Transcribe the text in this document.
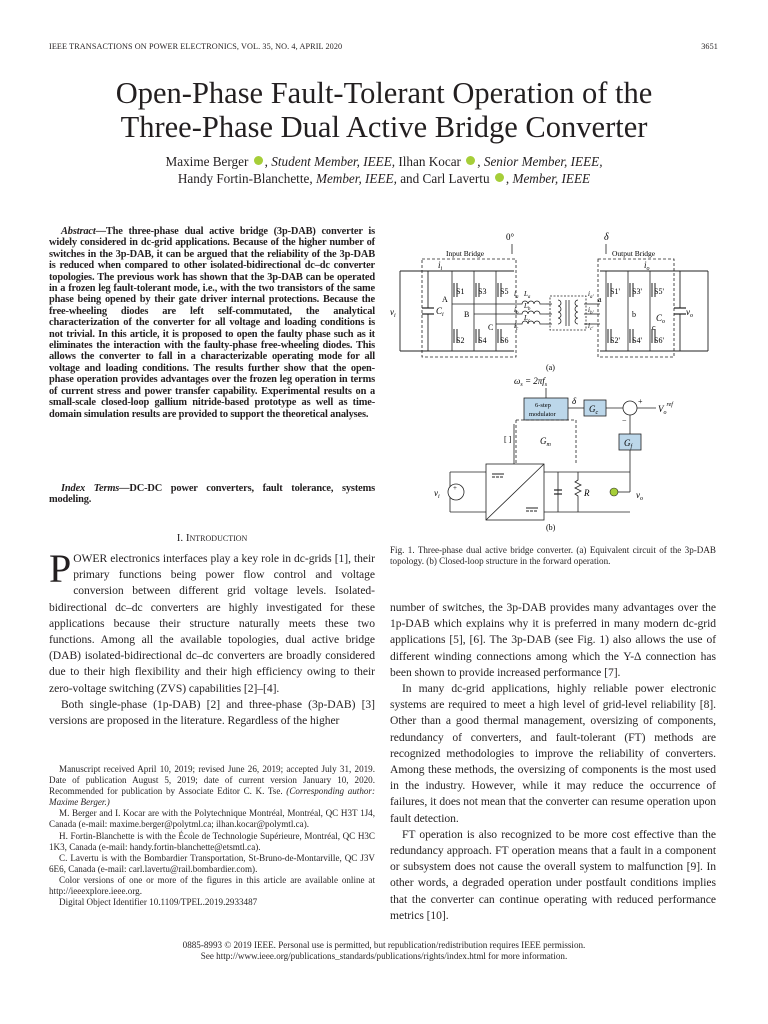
IEEE TRANSACTIONS ON POWER ELECTRONICS, VOL. 35, NO. 4, APRIL 2020	3651
Open-Phase Fault-Tolerant Operation of the
Three-Phase Dual Active Bridge Converter
Maxime Berger , Student Member, IEEE, Ilhan Kocar , Senior Member, IEEE,
Handy Fortin-Blanchette, Member, IEEE, and Carl Lavertu , Member, IEEE
Abstract—The three-phase dual active bridge (3p-DAB) converter is widely considered in dc-grid applications. Because of the higher number of switches in the 3p-DAB, it can be argued that the reliability of the 3p-DAB is reduced when compared to other isolated-bidirectional dc–dc converter topologies. The previous work has shown that the 3p-DAB can be operated in a frozen leg fault-tolerant mode, i.e., with the two transistors of the same phase being opened by their gate driver internal protections. Because the free-wheeling diodes are left self-commutated, the analytical characterization of the converter for all voltage and loading conditions is not trivial. In this article, it is proposed to open the faulty phase such as it eliminates the interaction with the faulty-phase free-wheeling diodes. This allows the converter to fall in a characterizable operating mode for all voltage and loading conditions. The results further show that the open-phase operation provides advantages over the frozen leg operation in terms of current stress and power transfer capability. Experimental results on a small-scale closed-loop gallium nitride-based prototype as well as time-domain simulation results are provided to support the theoretical analyses.
Index Terms—DC-DC power converters, fault tolerance, systems modeling.
I. Introduction

POWER electronics interfaces play a key role in dc-grids [1], their primary functions being power flow control and voltage conversion between different grid voltage levels. Isolated-bidirectional dc–dc converters are highly investigated for these applications because their structure naturally meets these two functions. Among all the available topologies, dual active bridge (DAB) isolated-bidirectional dc–dc converters are broadly considered due to their high flexibility and their high efficiency owing to their zero-voltage switching (ZVS) capabilities [2]–[4].

Both single-phase (1p-DAB) [2] and three-phase (3p-DAB) [3] versions are proposed in the literature. Regardless of the higher

Manuscript received April 10, 2019; revised June 26, 2019; accepted July 31, 2019. Date of publication August 5, 2019; date of current version January 10, 2020. Recommended for publication by Associate Editor C. K. Tse. (Corresponding author: Maxime Berger.)

M. Berger and I. Kocar are with the Polytechnique Montréal, Montréal, QC H3T 1J4, Canada (e-mail: maxime.berger@polytml.ca; ilhan.kocar@polymtl.ca).

H. Fortin-Blanchette is with the École de Technologie Supérieure, Montréal, QC H3C 1K3, Canada (e-mail: handy.fortin-blanchette@etsmtl.ca).

C. Lavertu is with the Bombardier Transportation, St-Bruno-de-Montarville, QC J3V 6E6, Canada (e-mail: carl.lavertu@rail.bombardier.com).

Color versions of one or more of the figures in this article are available online at http://ieeexplore.ieee.org.

Digital Object Identifier 10.1109/TPEL.2019.2933487

0°	δ
Input Bridge	Output Bridge
$C_i$	$C_o$
$v_i$	$v_o$
$i_i$	$i_o$
S1 S3 S5
S2 S4 S6
A
B
C
$i_a$
$i_b$
$i_c$
$L_a$
$L_b$
$L_c$
$i_{a'}$
$i_{b'}$
$i_{c'}$
S1' S3' S5'
S2' S4' S6'
a
b
c
(a)
$\omega_s = 2\pi f_s$
6-step
modulator
$G_c$
δ
$V_o^{ref}$
−
+
$G_f$
$G_m$
[ ]
+
$v_i$	R	$v_o$
(b)
Fig. 1. Three-phase dual active bridge converter. (a) Equivalent circuit of the 3p-DAB topology. (b) Closed-loop structure in the forward operation.

number of switches, the 3p-DAB provides many advantages over the 1p-DAB which explains why it is preferred in many modern dc-grid applications [5], [6]. The 3p-DAB (see Fig. 1) also allows the use of different winding connections among which the Y-Δ connection has been shown to provide increased performance [7].

In many dc-grid applications, highly reliable power electronic systems are required to meet a high level of grid-level reliability [8]. Other than a good thermal management, oversizing of components, redundancy of converters, and fault-tolerant (FT) methods are recognized methodologies to improve the reliability of converters. Among these methods, the oversizing of components is the most used in the industry. However, while it may reduce the occurrence of failures, it does not mean that the converter can resume operation upon fault detection.

FT operation is also recognized to be more cost effective than the redundancy approach. FT operation means that a fault in a component or subsystem does not cause the overall system to malfunction [9]. In other words, a degraded operation under postfault conditions implies that the converter can continue operating with reduced performance metrics [10].

0885-8993 © 2019 IEEE. Personal use is permitted, but republication/redistribution requires IEEE permission.
See http://www.ieee.org/publications_standards/publications/rights/index.html for more information.
